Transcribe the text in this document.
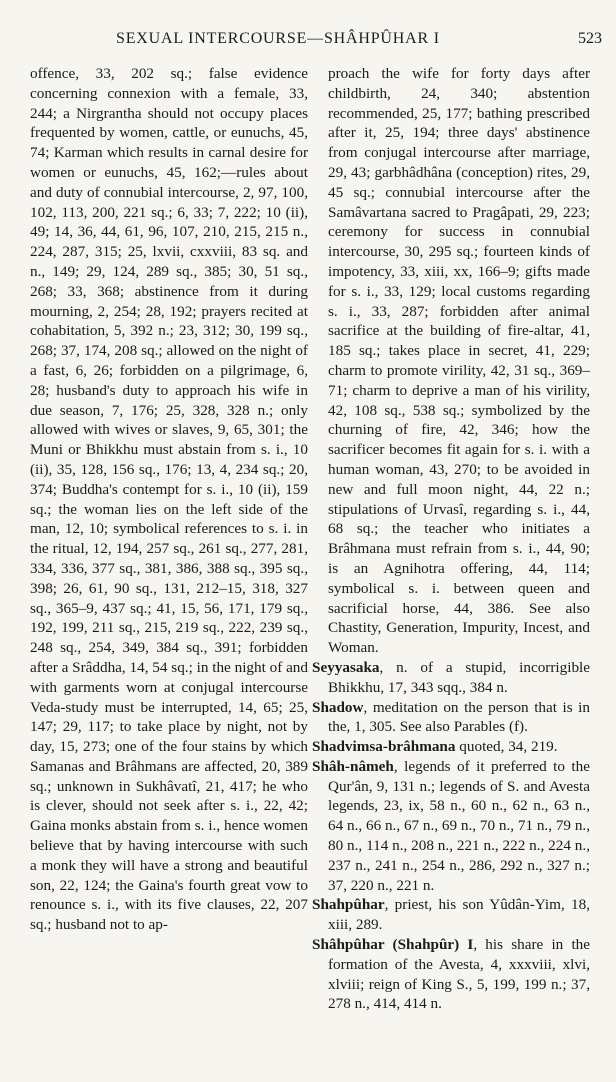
SEXUAL INTERCOURSE—SHÂHPÛHAR I	523

offence, 33, 202 sq.; false evidence concerning connexion with a female, 33, 244; a Nirgrantha should not occupy places frequented by women, cattle, or eunuchs, 45, 74; Karman which results in carnal desire for women or eunuchs, 45, 162;—rules about and duty of connubial intercourse, 2, 97, 100, 102, 113, 200, 221 sq.; 6, 33; 7, 222; 10 (ii), 49; 14, 36, 44, 61, 96, 107, 210, 215, 215 n., 224, 287, 315; 25, lxvii, cxxviii, 83 sq. and n., 149; 29, 124, 289 sq., 385; 30, 51 sq., 268; 33, 368; abstinence from it during mourning, 2, 254; 28, 192; prayers recited at cohabitation, 5, 392 n.; 23, 312; 30, 199 sq., 268; 37, 174, 208 sq.; allowed on the night of a fast, 6, 26; forbidden on a pilgrimage, 6, 28; husband's duty to approach his wife in due season, 7, 176; 25, 328, 328 n.; only allowed with wives or slaves, 9, 65, 301; the Muni or Bhikkhu must abstain from s. i., 10 (ii), 35, 128, 156 sq., 176; 13, 4, 234 sq.; 20, 374; Buddha's contempt for s. i., 10 (ii), 159 sq.; the woman lies on the left side of the man, 12, 10; symbolical references to s. i. in the ritual, 12, 194, 257 sq., 261 sq., 277, 281, 334, 336, 377 sq., 381, 386, 388 sq., 395 sq., 398; 26, 61, 90 sq., 131, 212–15, 318, 327 sq., 365–9, 437 sq.; 41, 15, 56, 171, 179 sq., 192, 199, 211 sq., 215, 219 sq., 222, 239 sq., 248 sq., 254, 349, 384 sq., 391; forbidden after a Srâddha, 14, 54 sq.; in the night of and with garments worn at conjugal intercourse Veda-study must be interrupted, 14, 65; 25, 147; 29, 117; to take place by night, not by day, 15, 273; one of the four stains by which Samanas and Brâhmans are affected, 20, 389 sq.; unknown in Sukhâvatî, 21, 417; he who is clever, should not seek after s. i., 22, 42; Gaina monks abstain from s. i., hence women believe that by having intercourse with such a monk they will have a strong and beautiful son, 22, 124; the Gaina's fourth great vow to renounce s. i., with its five clauses, 22, 207 sq.; husband not to ap-

proach the wife for forty days after childbirth, 24, 340; abstention recommended, 25, 177; bathing prescribed after it, 25, 194; three days' abstinence from conjugal intercourse after marriage, 29, 43; garbhâdhâna (conception) rites, 29, 45 sq.; connubial intercourse after the Samâvartana sacred to Pragâpati, 29, 223; ceremony for success in connubial intercourse, 30, 295 sq.; fourteen kinds of impotency, 33, xiii, xx, 166–9; gifts made for s. i., 33, 129; local customs regarding s. i., 33, 287; forbidden after animal sacrifice at the building of fire-altar, 41, 185 sq.; takes place in secret, 41, 229; charm to promote virility, 42, 31 sq., 369–71; charm to deprive a man of his virility, 42, 108 sq., 538 sq.; symbolized by the churning of fire, 42, 346; how the sacrificer becomes fit again for s. i. with a human woman, 43, 270; to be avoided in new and full moon night, 44, 22 n.; stipulations of Urvasî, regarding s. i., 44, 68 sq.; the teacher who initiates a Brâhmana must refrain from s. i., 44, 90; is an Agnihotra offering, 44, 114; symbolical s. i. between queen and sacrificial horse, 44, 386. See also Chastity, Generation, Impurity, Incest, and Woman.

Seyyasaka, n. of a stupid, incorrigible Bhikkhu, 17, 343 sqq., 384 n.

Shadow, meditation on the person that is in the, 1, 305. See also Parables (f).

Shadvimsa-brâhmana quoted, 34, 219.

Shâh-nâmeh, legends of it preferred to the Qur'ân, 9, 131 n.; legends of S. and Avesta legends, 23, ix, 58 n., 60 n., 62 n., 63 n., 64 n., 66 n., 67 n., 69 n., 70 n., 71 n., 79 n., 80 n., 114 n., 208 n., 221 n., 222 n., 224 n., 237 n., 241 n., 254 n., 286, 292 n., 327 n.; 37, 220 n., 221 n.

Shahpûhar, priest, his son Yûdân-Yim, 18, xiii, 289.

Shâhpûhar (Shahpûr) I, his share in the formation of the Avesta, 4, xxxviii, xlvi, xlviii; reign of King S., 5, 199, 199 n.; 37, 278 n., 414, 414 n.
